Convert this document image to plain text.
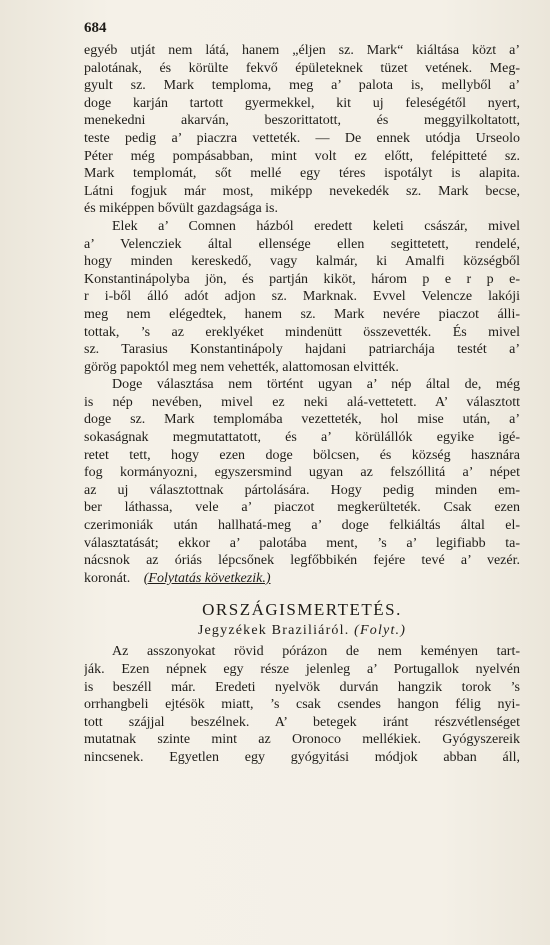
684
egyéb utját nem látá, hanem „éljen sz. Mark“ kiáltása közt a’
palotának, és körülte fekvő épületeknek tüzet vetének. Meg-
gyult sz. Mark temploma, meg a’ palota is, mellyből a’
doge karján tartott gyermekkel, kit uj feleségétől nyert,
menekedni akarván, beszorittatott, és meggyilkoltatott,
teste pedig a’ piaczra vetteték. — De ennek utódja Urseolo
Péter még pompásabban, mint volt ez előtt, felépitteté sz.
Mark templomát, sőt mellé egy téres ispotályt is alapita.
Látni fogjuk már most, miképp nevekedék sz. Mark becse,
és miképpen bővült gazdagsága is.
Elek a’ Comnen házból eredett keleti császár, mivel
a’ Velencziek által ellensége ellen segittetett, rendelé,
hogy minden kereskedő, vagy kalmár, ki Amalfi községből
Konstantinápolyba jön, és partján kiköt, három p e r p e-
r i-ből álló adót adjon sz. Marknak. Evvel Velencze lakóji
meg nem elégedtek, hanem sz. Mark nevére piaczot álli-
tottak, ’s az ereklyéket mindenütt összevették. És mivel
sz. Tarasius Konstantinápoly hajdani patriarchája testét a’
görög papoktól meg nem vehették, alattomosan elvitték.
Doge választása nem történt ugyan a’ nép által de, még
is nép nevében, mivel ez neki alá-vettetett. A’ választott
doge sz. Mark templomába vezetteték, hol mise után, a’
sokaságnak megmutattatott, és a’ körülállók egyike igé-
retet tett, hogy ezen doge bölcsen, és község hasznára
fog kormányozni, egyszersmind ugyan az felszóllitá a’ népet
az uj választottnak pártolására. Hogy pedig minden em-
ber láthassa, vele a’ piaczot megkerülteték. Csak ezen
czerimoniák után hallhatá-meg a’ doge felkiáltás által el-
választatását; ekkor a’ palotába ment, ’s a’ legifiabb ta-
nácsnok az óriás lépcsőnek legfőbbikén fejére tevé a’ vezér.
koronát. (Folytatás következik.)
ORSZÁGISMERTETÉS.
Jegyzékek Braziliáról. (Folyt.)
Az asszonyokat rövid pórázon de nem keményen tart-
ják. Ezen népnek egy része jelenleg a’ Portugallok nyelvén
is beszéll már. Eredeti nyelvök durván hangzik torok ’s
orrhangbeli ejtésök miatt, ’s csak csendes hangon félig nyi-
tott szájjal beszélnek. A’ betegek iránt részvétlenséget
mutatnak szinte mint az Oronoco mellékiek. Gyógyszereik
nincsenek. Egyetlen egy gyógyitási módjok abban áll,
